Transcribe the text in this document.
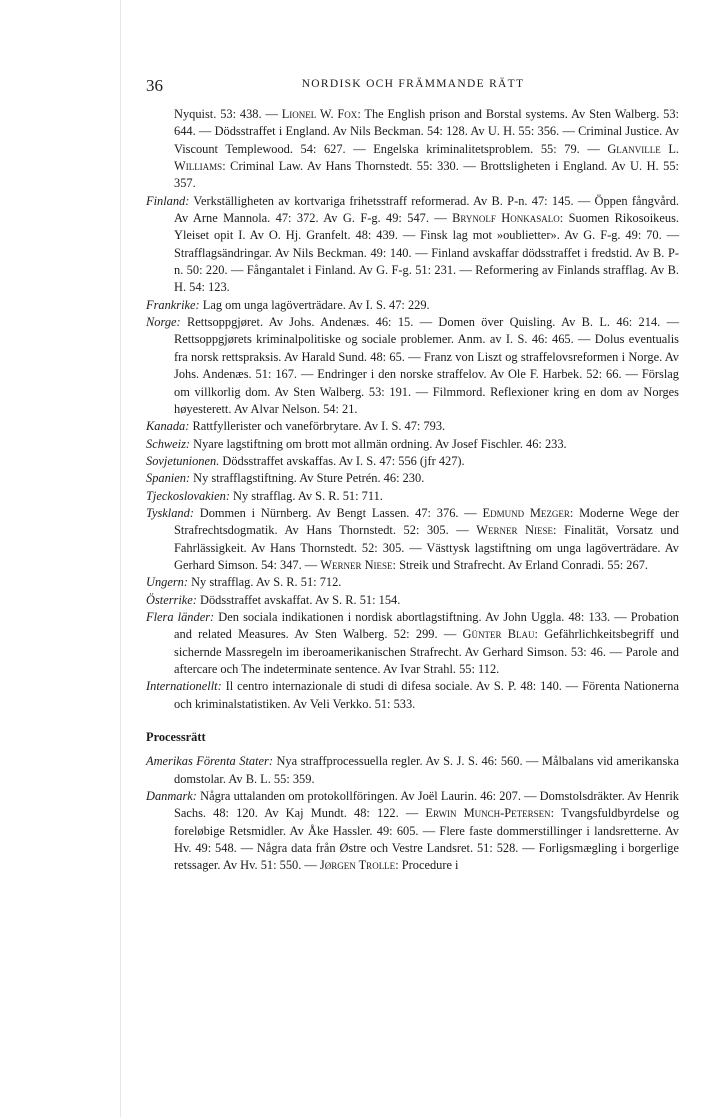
36	NORDISK OCH FRÄMMANDE RÄTT

Nyquist. 53: 438. — Lionel W. Fox: The English prison and Borstal systems. Av Sten Walberg. 53: 644. — Dödsstraffet i England. Av Nils Beckman. 54: 128. Av U. H. 55: 356. — Criminal Justice. Av Viscount Templewood. 54: 627. — Engelska kriminalitetsproblem. 55: 79. — Glanville L. Williams: Criminal Law. Av Hans Thornstedt. 55: 330. — Brottsligheten i England. Av U. H. 55: 357.

Finland: Verkställigheten av kortvariga frihetsstraff reformerad. Av B. P-n. 47: 145. — Öppen fångvård. Av Arne Mannola. 47: 372. Av G. F-g. 49: 547. — Brynolf Honkasalo: Suomen Rikosoikeus. Yleiset opit I. Av O. Hj. Granfelt. 48: 439. — Finsk lag mot »oublietter». Av G. F-g. 49: 70. — Strafflagsändringar. Av Nils Beckman. 49: 140. — Finland avskaffar dödsstraffet i fredstid. Av B. P-n. 50: 220. — Fångantalet i Finland. Av G. F-g. 51: 231. — Reformering av Finlands strafflag. Av B. H. 54: 123.

Frankrike: Lag om unga lagöverträdare. Av I. S. 47: 229.

Norge: Rettsoppgjøret. Av Johs. Andenæs. 46: 15. — Domen över Quisling. Av B. L. 46: 214. — Rettsoppgjørets kriminalpolitiske og sociale problemer. Anm. av I. S. 46: 465. — Dolus eventualis fra norsk rettspraksis. Av Harald Sund. 48: 65. — Franz von Liszt og straffelovsreformen i Norge. Av Johs. Andenæs. 51: 167. — Endringer i den norske straffelov. Av Ole F. Harbek. 52: 66. — Förslag om villkorlig dom. Av Sten Walberg. 53: 191. — Filmmord. Reflexioner kring en dom av Norges høyesterett. Av Alvar Nelson. 54: 21.

Kanada: Rattfyllerister och vaneförbrytare. Av I. S. 47: 793.

Schweiz: Nyare lagstiftning om brott mot allmän ordning. Av Josef Fischler. 46: 233.

Sovjetunionen. Dödsstraffet avskaffas. Av I. S. 47: 556 (jfr 427).

Spanien: Ny strafflagstiftning. Av Sture Petrén. 46: 230.

Tjeckoslovakien: Ny strafflag. Av S. R. 51: 711.

Tyskland: Dommen i Nürnberg. Av Bengt Lassen. 47: 376. — Edmund Mezger: Moderne Wege der Strafrechtsdogmatik. Av Hans Thornstedt. 52: 305. — Werner Niese: Finalität, Vorsatz und Fahrlässigkeit. Av Hans Thornstedt. 52: 305. — Västtysk lagstiftning om unga lagöverträdare. Av Gerhard Simson. 54: 347. — Werner Niese: Streik und Strafrecht. Av Erland Conradi. 55: 267.

Ungern: Ny strafflag. Av S. R. 51: 712.

Österrike: Dödsstraffet avskaffat. Av S. R. 51: 154.

Flera länder: Den sociala indikationen i nordisk abortlagstiftning. Av John Uggla. 48: 133. — Probation and related Measures. Av Sten Walberg. 52: 299. — Günter Blau: Gefährlichkeitsbegriff und sichernde Massregeln im iberoamerikanischen Strafrecht. Av Gerhard Simson. 53: 46. — Parole and aftercare och The indeterminate sentence. Av Ivar Strahl. 55: 112.

Internationellt: Il centro internazionale di studi di difesa sociale. Av S. P. 48: 140. — Förenta Nationerna och kriminalstatistiken. Av Veli Verkko. 51: 533.

Processrätt

Amerikas Förenta Stater: Nya straffprocessuella regler. Av S. J. S. 46: 560. — Målbalans vid amerikanska domstolar. Av B. L. 55: 359.

Danmark: Några uttalanden om protokollföringen. Av Joël Laurin. 46: 207. — Domstolsdräkter. Av Henrik Sachs. 48: 120. Av Kaj Mundt. 48: 122. — Erwin Munch-Petersen: Tvangsfuldbyrdelse og foreløbige Retsmidler. Av Åke Hassler. 49: 605. — Flere faste dommerstillinger i landsretterne. Av Hv. 49: 548. — Några data från Østre och Vestre Landsret. 51: 528. — Forligsmægling i borgerlige retssager. Av Hv. 51: 550. — Jørgen Trolle: Procedure i
